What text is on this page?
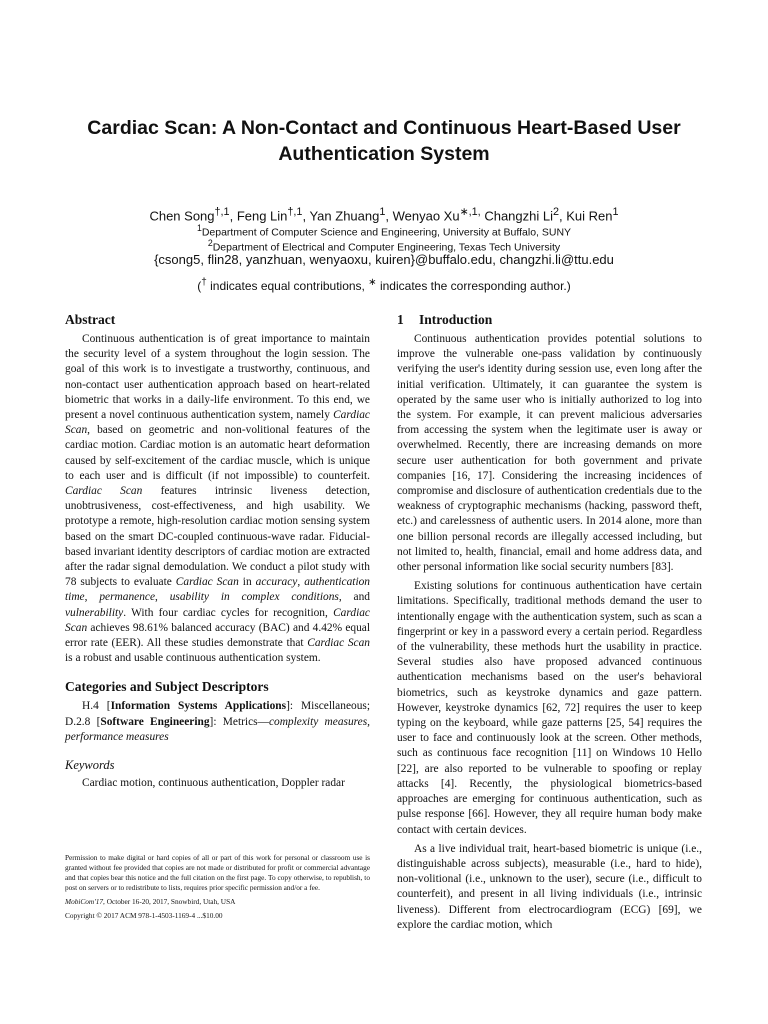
Cardiac Scan: A Non-Contact and Continuous Heart-Based User
Authentication System
Chen Song$^{\dagger,1}$, Feng Lin$^{\dagger,1}$, Yan Zhuang$^1$, Wenyao $Xu^{∗,1,}$ Changzhi Li$^2$, Kui Ren$^1$
$^1$Department of Computer Science and Engineering, University at Buffalo, SUNY
$^2$Department of Electrical and Computer Engineering, Texas Tech University
{csong5, flin28, yanzhuan, wenyaoxu, kuiren}@buffalo.edu, changzhi.li@ttu.edu
(† indicates equal contributions, ∗ indicates the corresponding author.)
Abstract

Continuous authentication is of great importance to maintain the security level of a system throughout the login session. The goal of this work is to investigate a trustworthy, continuous, and non-contact user authentication approach based on heart-related biometric that works in a daily-life environment. To this end, we present a novel continuous authentication system, namely Cardiac Scan, based on geometric and non-volitional features of the cardiac motion. Cardiac motion is an automatic heart deformation caused by self-excitement of the cardiac muscle, which is unique to each user and is difficult (if not impossible) to counterfeit. Cardiac Scan features intrinsic liveness detection, unobtrusiveness, cost-effectiveness, and high usability. We prototype a remote, high-resolution cardiac motion sensing system based on the smart DC-coupled continuous-wave radar. Fiducial-based invariant identity descriptors of cardiac motion are extracted after the radar signal demodulation. We conduct a pilot study with 78 subjects to evaluate Cardiac Scan in accuracy, authentication time, permanence, usability in complex conditions, and vulnerability. With four cardiac cycles for recognition, Cardiac Scan achieves 98.61% balanced accuracy (BAC) and 4.42% equal error rate (EER). All these studies demonstrate that Cardiac Scan is a robust and usable continuous authentication system.

Categories and Subject Descriptors

H.4 [Information Systems Applications]: Miscellaneous; D.2.8 [Software Engineering]: Metrics—complexity measures, performance measures

Keywords

Cardiac motion, continuous authentication, Doppler radar

Permission to make digital or hard copies of all or part of this work for personal or classroom use is granted without fee provided that copies are not made or distributed for profit or commercial advantage and that copies bear this notice and the full citation on the first page. To copy otherwise, to republish, to post on servers or to redistribute to lists, requires prior specific permission and/or a fee.

MobiCom'17, October 16-20, 2017, Snowbird, Utah, USA

Copyright © 2017 ACM 978-1-4503-1169-4 ...$10.00

1 Introduction

Continuous authentication provides potential solutions to improve the vulnerable one-pass validation by continuously verifying the user's identity during session use, even long after the initial verification. Ultimately, it can guarantee the system is operated by the same user who is initially authorized to log into the system. For example, it can prevent malicious adversaries from accessing the system when the legitimate user is away or overwhelmed. Recently, there are increasing demands on more secure user authentication for both government and private companies [16, 17]. Considering the increasing incidences of compromise and disclosure of authentication credentials due to the weakness of cryptographic mechanisms (hacking, password theft, etc.) and carelessness of authentic users. In 2014 alone, more than one billion personal records are illegally accessed including, but not limited to, health, financial, email and home address data, and other personal information like social security numbers [83].

Existing solutions for continuous authentication have certain limitations. Specifically, traditional methods demand the user to intentionally engage with the authentication system, such as scan a fingerprint or key in a password every a certain period. Regardless of the vulnerability, these methods hurt the usability in practice. Several studies also have proposed advanced continuous authentication mechanisms based on the user's behavioral biometrics, such as keystroke dynamics and gaze pattern. However, keystroke dynamics [62, 72] requires the user to keep typing on the keyboard, while gaze patterns [25, 54] requires the user to face and continuously look at the screen. Other methods, such as continuous face recognition [11] on Windows 10 Hello [22], are also reported to be vulnerable to spoofing or replay attacks [4]. Recently, the physiological biometrics-based approaches are emerging for continuous authentication, such as pulse response [66]. However, they all require human body make contact with certain devices.

As a live individual trait, heart-based biometric is unique (i.e., distinguishable across subjects), measurable (i.e., hard to hide), non-volitional (i.e., unknown to the user), secure (i.e., difficult to counterfeit), and present in all living individuals (i.e., intrinsic liveness). Different from electrocardiogram (ECG) [69], we explore the cardiac motion, which
